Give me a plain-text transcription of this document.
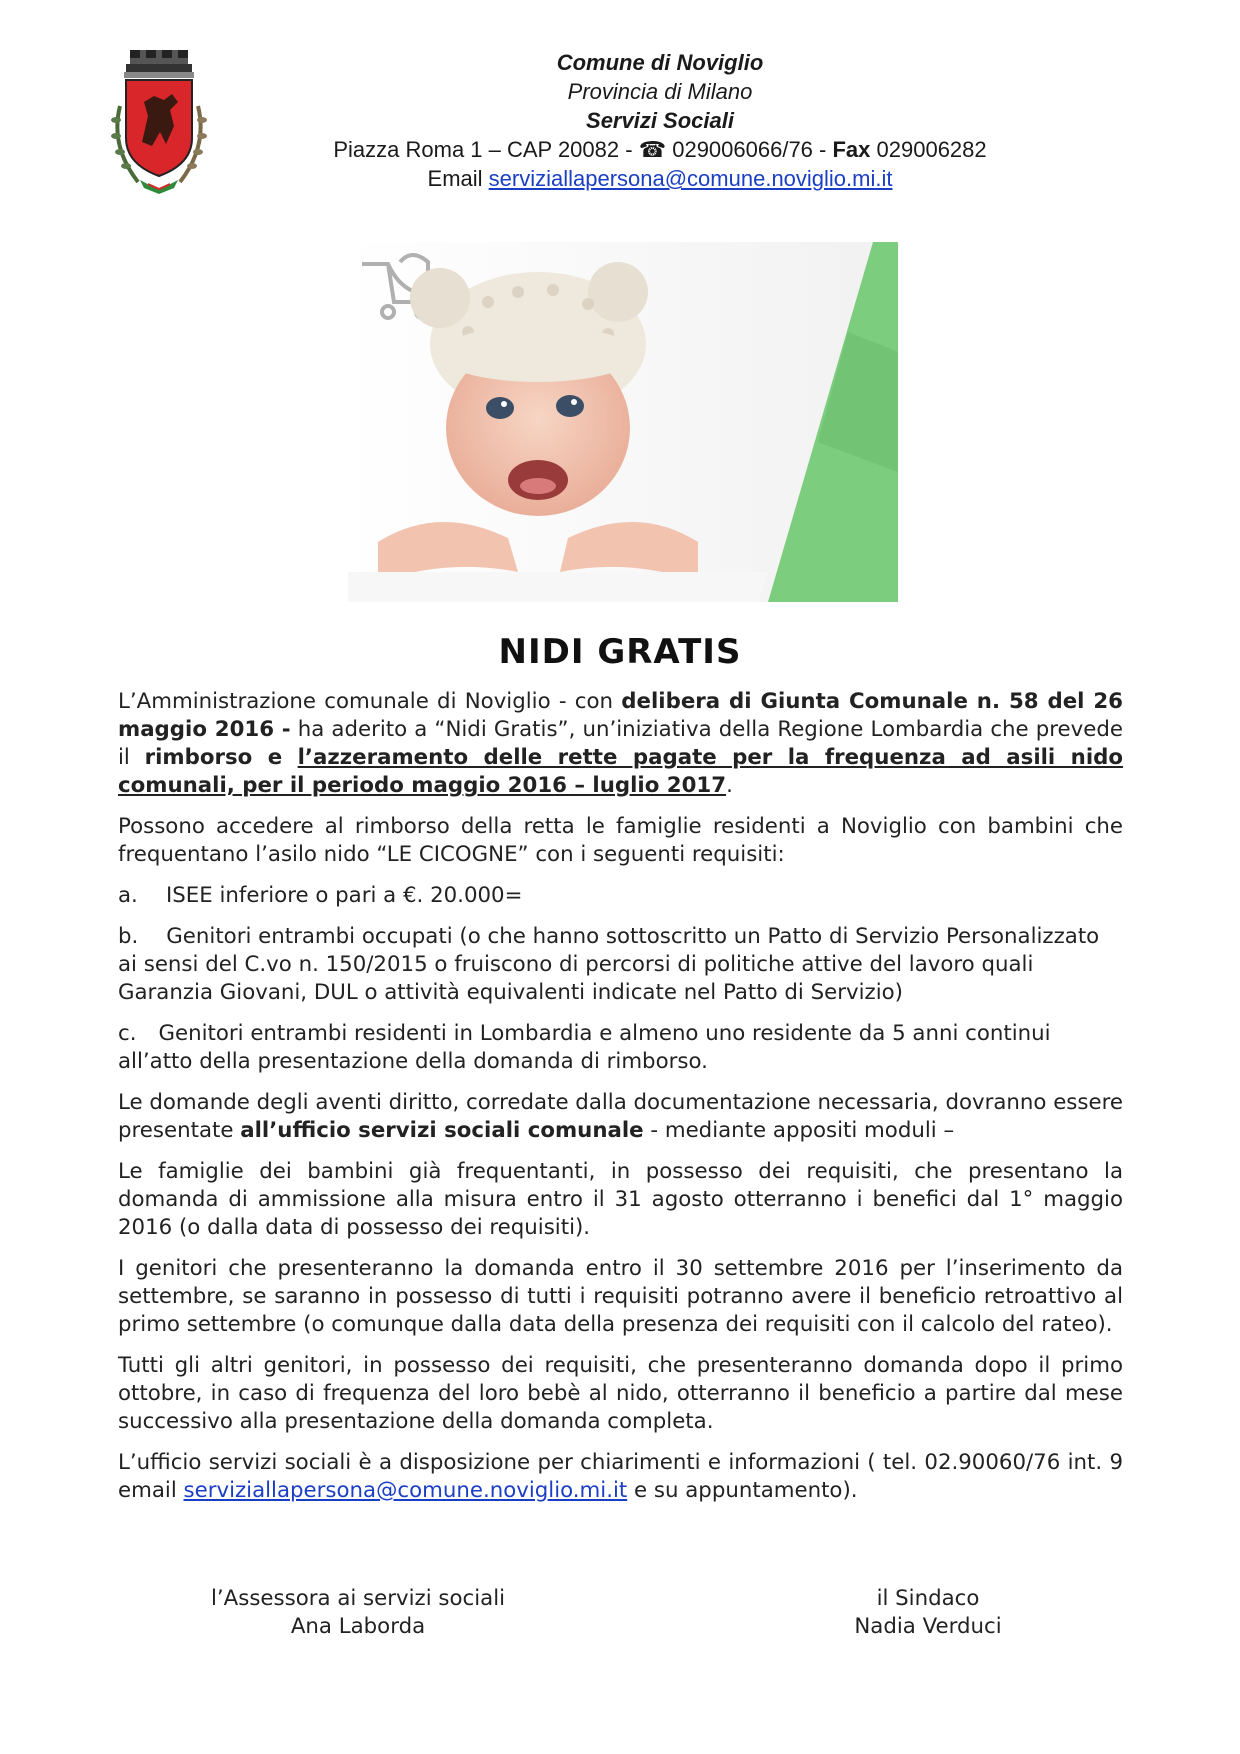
Comune di Noviglio
Provincia di Milano
Servizi Sociali
Piazza Roma 1 – CAP 20082 - ☎ 029006066/76 - Fax 029006282
Email serviziallapersona@comune.noviglio.mi.it
NIDI GRATIS

L’Amministrazione comunale di Noviglio - con delibera di Giunta Comunale n. 58 del 26 maggio 2016 - ha aderito a “Nidi Gratis”, un’iniziativa della Regione Lombardia che prevede il rimborso e l’azzeramento delle rette pagate per la frequenza ad asili nido comunali, per il periodo maggio 2016 – luglio 2017.

Possono accedere al rimborso della retta le famiglie residenti a Noviglio con bambini che frequentano l’asilo nido “LE CICOGNE” con i seguenti requisiti:

a. ISEE inferiore o pari a €. 20.000=

b. Genitori entrambi occupati (o che hanno sottoscritto un Patto di Servizio Personalizzato ai sensi del C.vo n. 150/2015 o fruiscono di percorsi di politiche attive del lavoro quali Garanzia Giovani, DUL o attività equivalenti indicate nel Patto di Servizio)

c. Genitori entrambi residenti in Lombardia e almeno uno residente da 5 anni continui all’atto della presentazione della domanda di rimborso.

Le domande degli aventi diritto, corredate dalla documentazione necessaria, dovranno essere presentate all’ufficio servizi sociali comunale - mediante appositi moduli –

Le famiglie dei bambini già frequentanti, in possesso dei requisiti, che presentano la domanda di ammissione alla misura entro il 31 agosto otterranno i benefici dal 1° maggio 2016 (o dalla data di possesso dei requisiti).

I genitori che presenteranno la domanda entro il 30 settembre 2016 per l’inserimento da settembre, se saranno in possesso di tutti i requisiti potranno avere il beneficio retroattivo al primo settembre (o comunque dalla data della presenza dei requisiti con il calcolo del rateo).

Tutti gli altri genitori, in possesso dei requisiti, che presenteranno domanda dopo il primo ottobre, in caso di frequenza del loro bebè al nido, otterranno il beneficio a partire dal mese successivo alla presentazione della domanda completa.

L’ufficio servizi sociali è a disposizione per chiarimenti e informazioni ( tel. 02.90060/76 int. 9 email serviziallapersona@comune.noviglio.mi.it e su appuntamento).

l’Assessora ai servizi sociali
Ana Laborda
il Sindaco
Nadia Verduci
